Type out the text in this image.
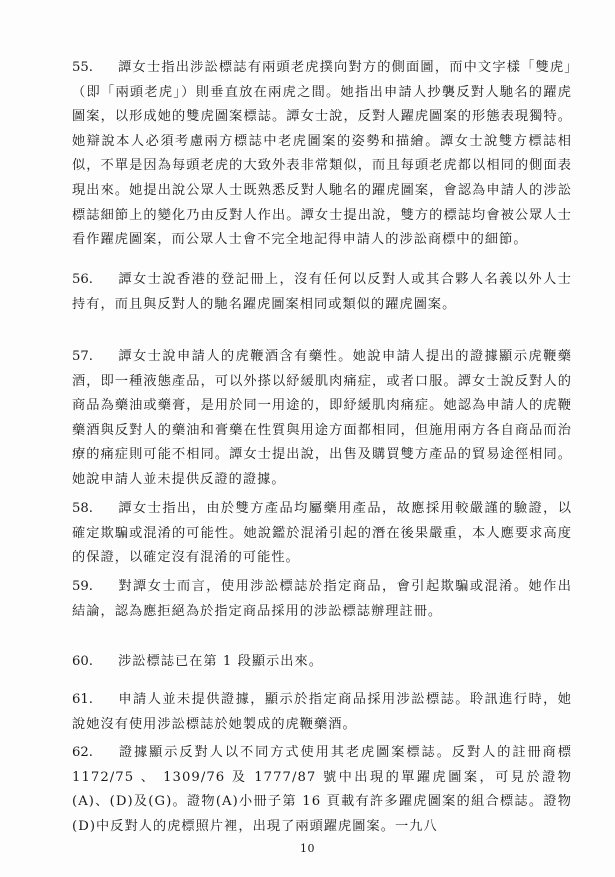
55. 譚女士指出涉訟標誌有兩頭老虎撲向對方的側面圖，而中文字樣「雙虎」（即「兩頭老虎」）則垂直放在兩虎之間。她指出申請人抄襲反對人馳名的躍虎圖案，以形成她的雙虎圖案標誌。譚女士說，反對人躍虎圖案的形態表現獨特。她辯說本人必須考慮兩方標誌中老虎圖案的姿勢和描繪。譚女士說雙方標誌相似，不單是因為每頭老虎的大致外表非常類似，而且每頭老虎都以相同的側面表現出來。她提出說公眾人士既熟悉反對人馳名的躍虎圖案，會認為申請人的涉訟標誌細節上的變化乃由反對人作出。譚女士提出說，雙方的標誌均會被公眾人士看作躍虎圖案，而公眾人士會不完全地記得申請人的涉訟商標中的細節。
56. 譚女士說香港的登記冊上，沒有任何以反對人或其合夥人名義以外人士持有，而且與反對人的馳名躍虎圖案相同或類似的躍虎圖案。
57. 譚女士說申請人的虎鞭酒含有藥性。她說申請人提出的證據顯示虎鞭藥酒，即一種液態產品，可以外搽以紓緩肌肉痛症，或者口服。譚女士說反對人的商品為藥油或藥膏，是用於同一用途的，即紓緩肌肉痛症。她認為申請人的虎鞭藥酒與反對人的藥油和膏藥在性質與用途方面都相同，但施用兩方各自商品而治療的痛症則可能不相同。譚女士提出說，出售及購買雙方產品的貿易途徑相同。她說申請人並未提供反證的證據。
58. 譚女士指出，由於雙方產品均屬藥用產品，故應採用較嚴謹的驗證，以確定欺騙或混淆的可能性。她說鑑於混淆引起的潛在後果嚴重，本人應要求高度的保證，以確定沒有混淆的可能性。
59. 對譚女士而言，使用涉訟標誌於指定商品，會引起欺騙或混淆。她作出結論，認為應拒絕為於指定商品採用的涉訟標誌辦理註冊。
60. 涉訟標誌已在第 1 段顯示出來。
61. 申請人並未提供證據，顯示於指定商品採用涉訟標誌。聆訊進行時，她說她沒有使用涉訟標誌於她製成的虎鞭藥酒。
62. 證據顯示反對人以不同方式使用其老虎圖案標誌。反對人的註冊商標 1172/75 、 1309/76 及 1777/87 號中出現的單躍虎圖案，可見於證物(A)、(D)及(G)。證物(A)小冊子第 16 頁載有許多躍虎圖案的組合標誌。證物(D)中反對人的虎標照片裡，出現了兩頭躍虎圖案。一九八
10
